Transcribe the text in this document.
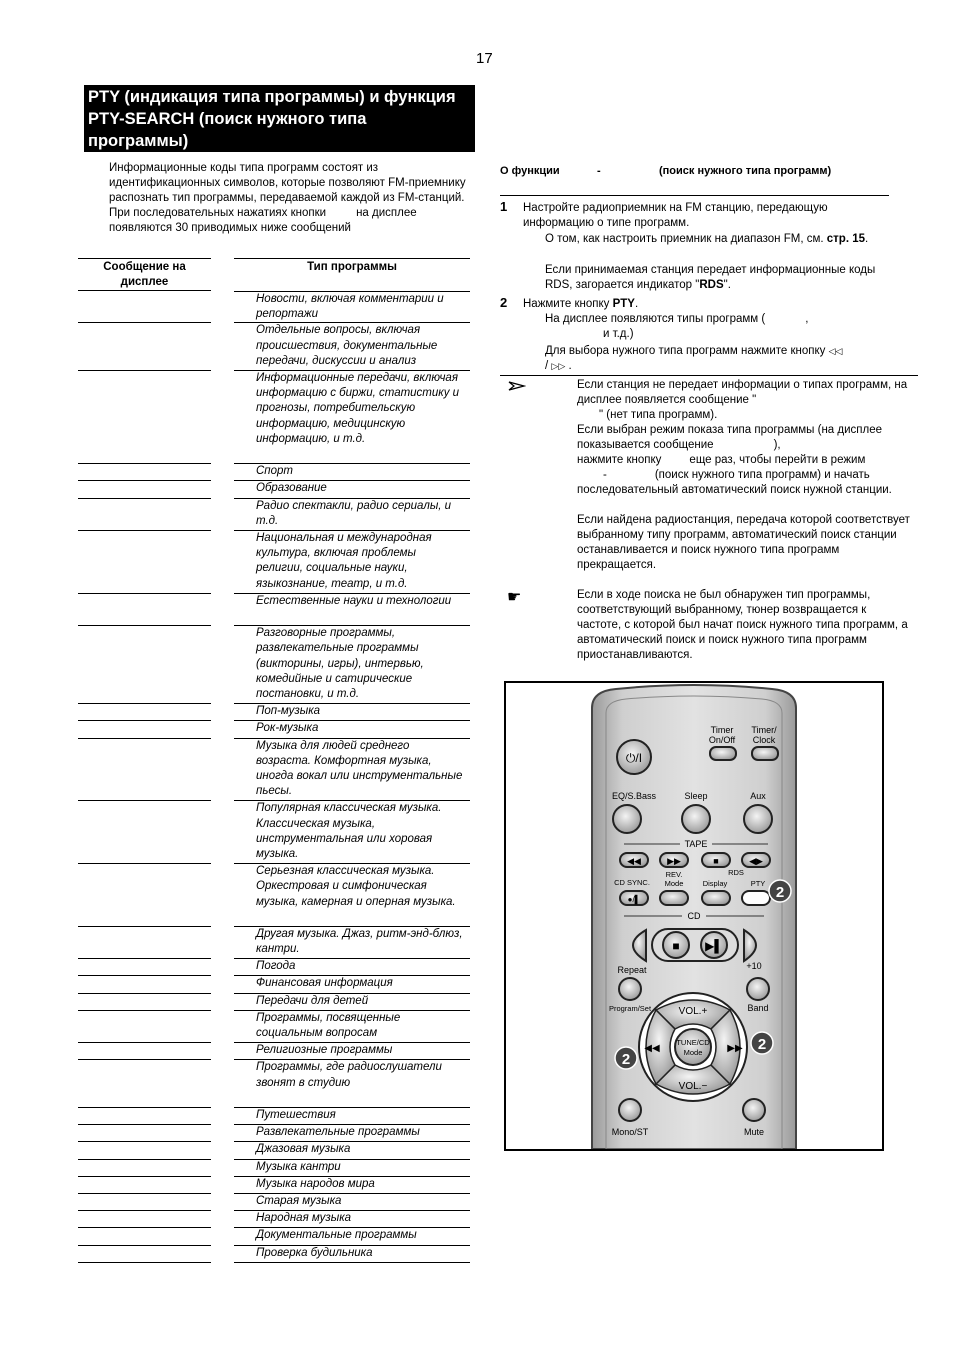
17
PTY (индикация типа программы) и функция PTY-SEARCH (поиск нужного типа программы)

Информационные коды типа программ состоят из идентификационных символов, которые позволяют FM-приемнику распознать тип программы, передаваемой каждой из FM-станций.

При последовательных нажатиях кнопки	на дисплее появляются 30 приводимых ниже сообщений

Сообщение на дисплее
Тип программы
Новости, включая комментарии и репортажи
Отдельные вопросы, включая происшествия, документальные передачи, дискуссии и анализ
Информационные передачи, включая информацию с биржи, статистику и прогнозы, потребительскую информацию, медицинскую информацию, и т.д.
Спорт
Образование
Радио спектакли, радио сериалы, и т.д.
Национальная и международная культура, включая проблемы религии, социальные науки, языкознание, театр, и т.д.
Естественные науки и технологии
Разговорные программы, развлекательные программы (викторины, игры), интервью, комедийные и сатирические постановки, и т.д.
Поп-музыка
Рок-музыка
Музыка для людей среднего возраста. Комфортная музыка, иногда вокал или инструментальные пьесы.
Популярная классическая музыка. Классическая музыка, инструментальная или хоровая музыка.
Серьезная классическая музыка. Оркестровая и симфоническая музыка, камерная и оперная музыка.
Другая музыка. Джаз, ритм-энд-блюз, кантри.
Погода
Финансовая информация
Передачи для детей
Программы, посвященные социальным вопросам
Религиозные программы
Программы, где радиослушатели звонят в студию
Путешествия
Развлекательные программы
Джазовая музыка
Музыка кантри
Музыка народов мира
Старая музыка
Народная музыка
Документальные программы
Проверка будильника
О функции	-	(поиск нужного типа программ)
1 Настройте радиоприемник на FM станцию, передающую информацию о типе программ.
О том, как настроить приемник на диапазон FM, см. стр. 15.
Если принимаемая станция передает информационные коды RDS, загорается индикатор "RDS".
2 Нажмите кнопку PTY.
На дисплее появляются типы программ (	,
и т.д.)
Для выбора нужного типа программ нажмите кнопку ◁◁
/ ▷▷ .
Если станция не передает информации о типах программ, на дисплее появляется сообщение "
" (нет типа программ).
Если выбран режим показа типа программы (на дисплее показывается сообщение	),
нажмите кнопку еще раз, чтобы перейти в режим
-	(поиск нужного типа программ) и начать последовательный автоматический поиск нужной станции.
Если найдена радиостанция, передача которой соответствует выбранному типу программ, автоматический поиск станции останавливается и поиск нужного типа программ прекращается.
☛	Если в ходе поиска не был обнаружен тип программы, соответствующий выбранному, тюнер возвращается к частоте, с которой был начат поиск нужного типа программ, а автоматический поиск и поиск нужного типа программ приостанавливаются.
Timer
On/Off
Timer/
Clock
⏻/I
EQ/S.Bass	Sleep	Aux
TAPE
◀◀	▶▶	■	◀▶
CD SYNC.
REV.
Mode
RDS
Display	PTY
●/▌	2
CD
■ ▶▌
Repeat	+10
Program/Set	Band
VOL.+
VOL.−
◀◀	▶▶
TUNE/CD
Mode
2
2
Mono/ST	Mute
